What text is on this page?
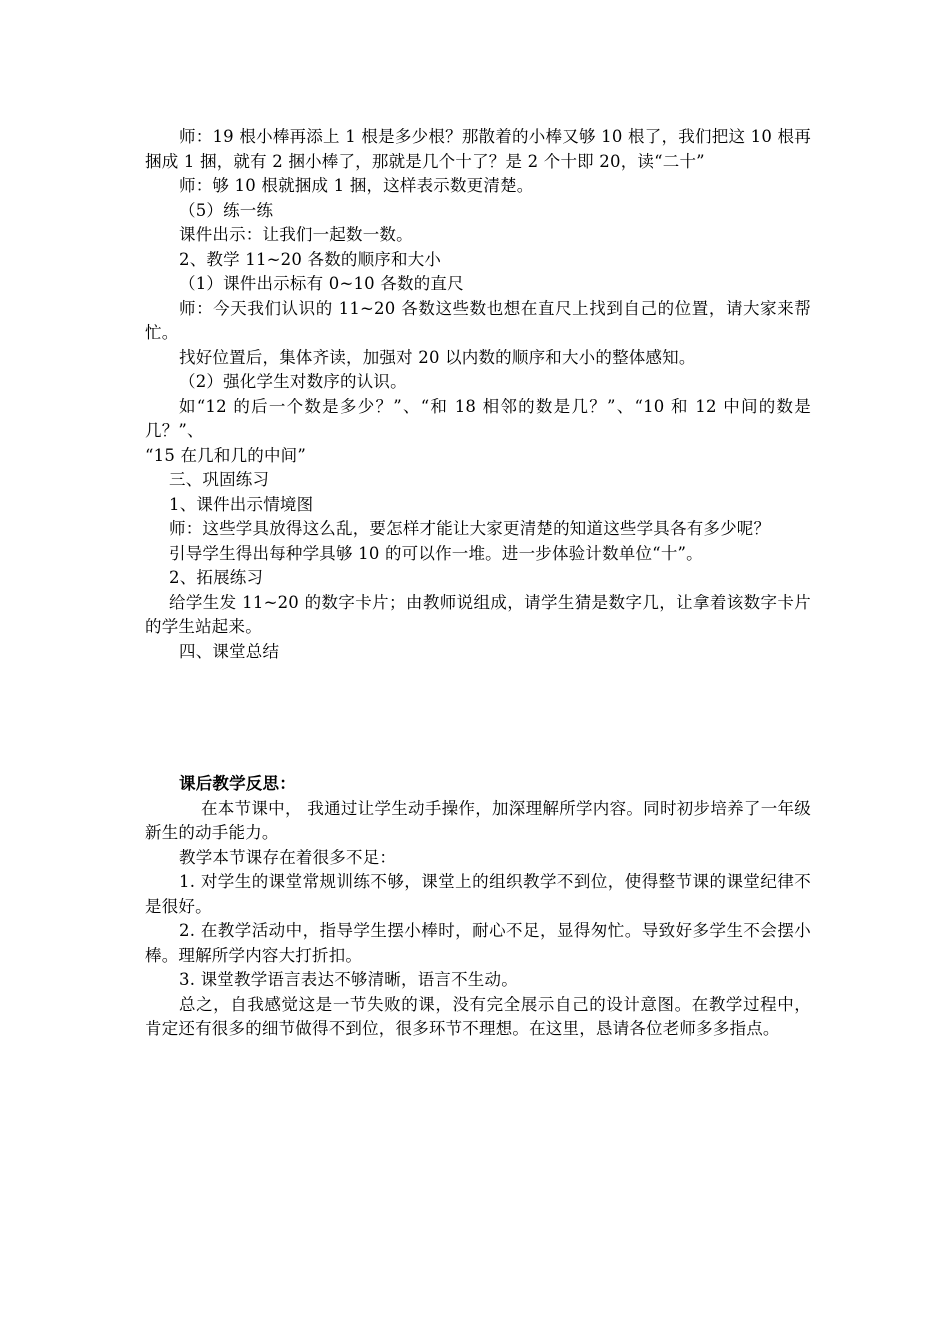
师：19 根小棒再添上 1 根是多少根？那散着的小棒又够 10 根了，我们把这 10 根再捆成 1 捆，就有 2 捆小棒了，那就是几个十了？是 2 个十即 20，读“二十”

师：够 10 根就捆成 1 捆，这样表示数更清楚。

（5）练一练

课件出示：让我们一起数一数。

2、教学 11~20 各数的顺序和大小

（1）课件出示标有 0~10 各数的直尺

师：今天我们认识的 11~20 各数这些数也想在直尺上找到自己的位置，请大家来帮忙。

找好位置后，集体齐读，加强对 20 以内数的顺序和大小的整体感知。

（2）强化学生对数序的认识。

如“12 的后一个数是多少？”、“和 18 相邻的数是几？”、“10 和 12 中间的数是几？”、

“15 在几和几的中间”

三、巩固练习

1、课件出示情境图

师：这些学具放得这么乱，要怎样才能让大家更清楚的知道这些学具各有多少呢？

引导学生得出每种学具够 10 的可以作一堆。进一步体验计数单位“十”。

2、拓展练习

给学生发 11~20 的数字卡片；由教师说组成，请学生猜是数字几，让拿着该数字卡片的学生站起来。

四、课堂总结

课后教学反思：

在本节课中， 我通过让学生动手操作，加深理解所学内容。同时初步培养了一年级新生的动手能力。

教学本节课存在着很多不足：

1. 对学生的课堂常规训练不够，课堂上的组织教学不到位，使得整节课的课堂纪律不是很好。

2. 在教学活动中，指导学生摆小棒时，耐心不足，显得匆忙。导致好多学生不会摆小棒。理解所学内容大打折扣。

3. 课堂教学语言表达不够清晰，语言不生动。

总之，自我感觉这是一节失败的课，没有完全展示自己的设计意图。在教学过程中，肯定还有很多的细节做得不到位，很多环节不理想。在这里，恳请各位老师多多指点。
